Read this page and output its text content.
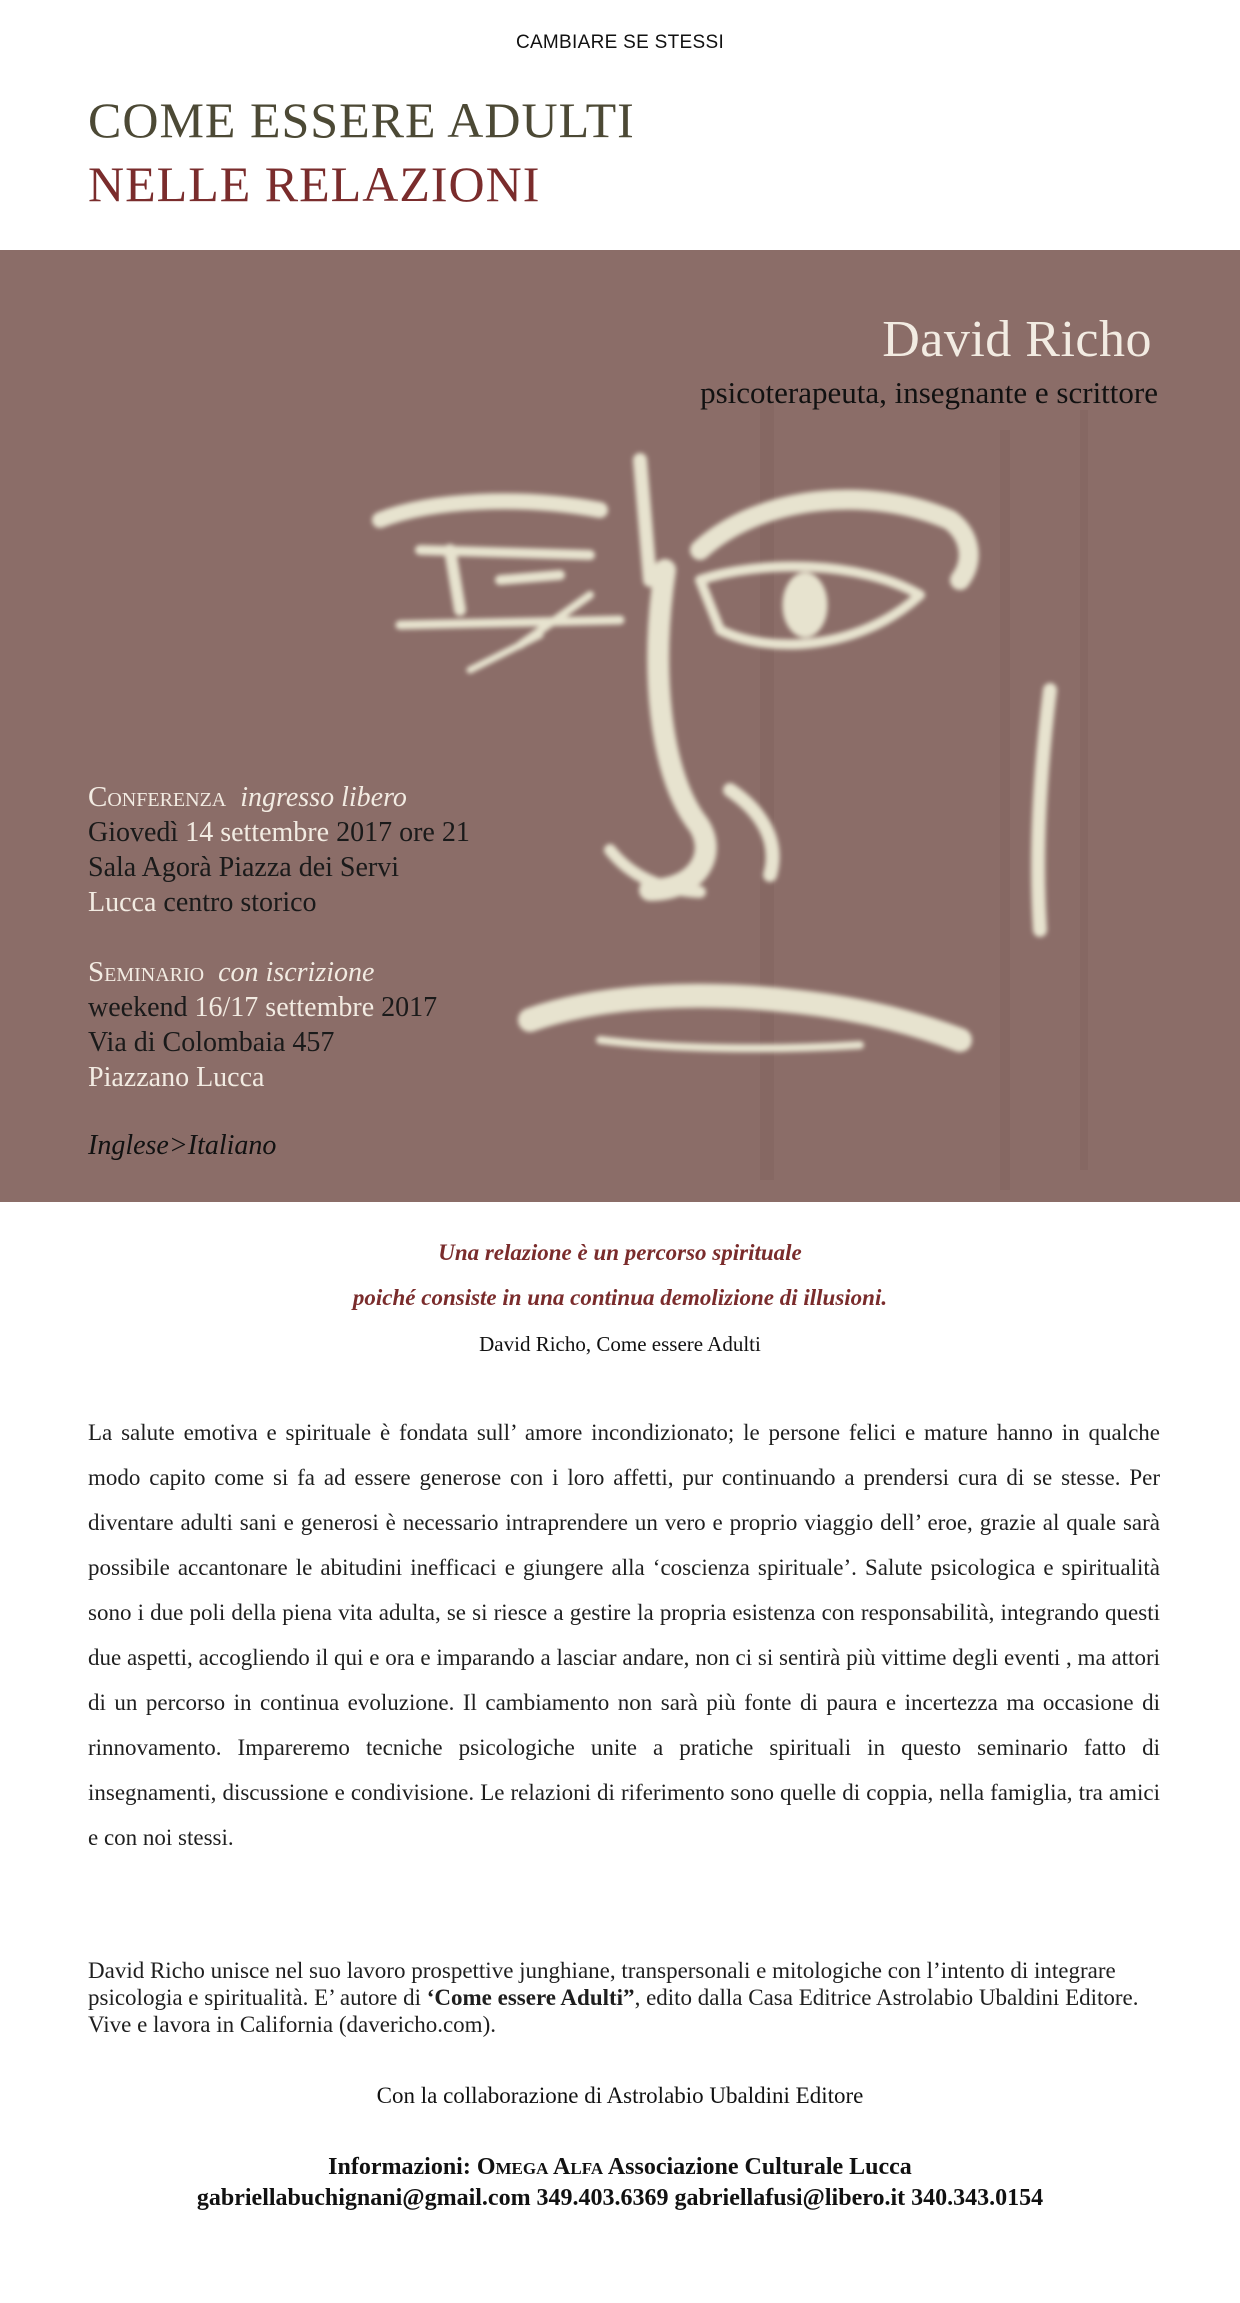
CAMBIARE SE STESSI
COME ESSERE ADULTI
NELLE RELAZIONI
David Richo
psicoterapeuta, insegnante e scrittore
Conferenza ingresso libero
Giovedì 14 settembre 2017 ore 21
Sala Agorà Piazza dei Servi
Lucca centro storico
Seminario con iscrizione
weekend 16/17 settembre 2017
Via di Colombaia 457
Piazzano Lucca
Inglese>Italiano
Una relazione è un percorso spirituale
poiché consiste in una continua demolizione di illusioni.
David Richo, Come essere Adulti
La salute emotiva e spirituale è fondata sull’ amore incondizionato; le persone felici e mature hanno in qualche modo capito come si fa ad essere generose con i loro affetti, pur continuando a prendersi cura di se stesse. Per diventare adulti sani e generosi è necessario intraprendere un vero e proprio viaggio dell’ eroe, grazie al quale sarà possibile accantonare le abitudini inefficaci e giungere alla ‘coscienza spirituale’. Salute psicologica e spiritualità sono i due poli della piena vita adulta, se si riesce a gestire la propria esistenza con responsabilità, integrando questi due aspetti, accogliendo il qui e ora e imparando a lasciar andare, non ci si sentirà più vittime degli eventi , ma attori di un percorso in continua evoluzione. Il cambiamento non sarà più fonte di paura e incertezza ma occasione di rinnovamento. Impareremo tecniche psicologiche unite a pratiche spirituali in questo seminario fatto di insegnamenti, discussione e condivisione. Le relazioni di riferimento sono quelle di coppia, nella famiglia, tra amici e con noi stessi.
David Richo unisce nel suo lavoro prospettive junghiane, transpersonali e mitologiche con l’intento di integrare psicologia e spiritualità. E’ autore di ‘Come essere Adulti”, edito dalla Casa Editrice Astrolabio Ubaldini Editore. Vive e lavora in California (davericho.com).
Con la collaborazione di Astrolabio Ubaldini Editore
Informazioni: Omega Alfa Associazione Culturale Lucca
gabriellabuchignani@gmail.com 349.403.6369 gabriellafusi@libero.it 340.343.0154
